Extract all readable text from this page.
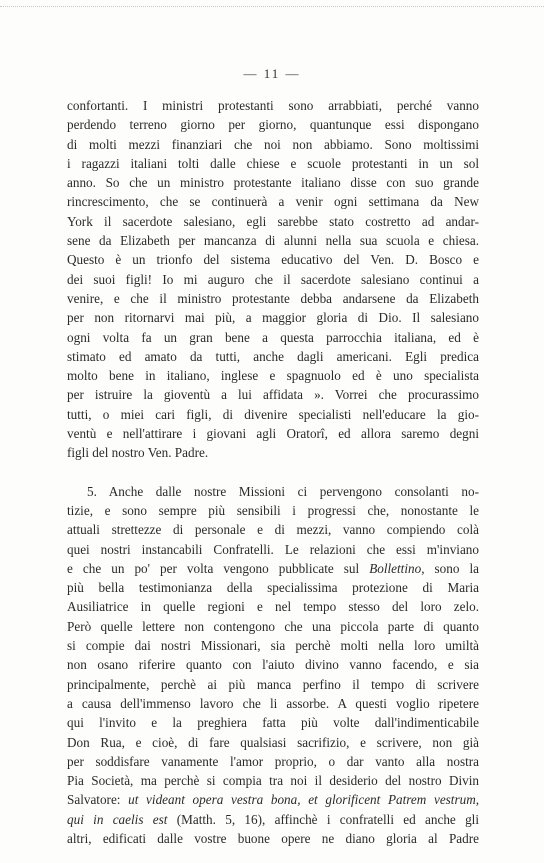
— 11 —
confortanti. I ministri protestanti sono arrabbiati, perché vanno
perdendo terreno giorno per giorno, quantunque essi dispongano
di molti mezzi finanziari che noi non abbiamo. Sono moltissimi
i ragazzi italiani tolti dalle chiese e scuole protestanti in un sol
anno. So che un ministro protestante italiano disse con suo grande
rincrescimento, che se continuerà a venir ogni settimana da New
York il sacerdote salesiano, egli sarebbe stato costretto ad andar-
sene da Elizabeth per mancanza di alunni nella sua scuola e chiesa.
Questo è un trionfo del sistema educativo del Ven. D. Bosco e
dei suoi figli! Io mi auguro che il sacerdote salesiano continui a
venire, e che il ministro protestante debba andarsene da Elizabeth
per non ritornarvi mai più, a maggior gloria di Dio. Il salesiano
ogni volta fa un gran bene a questa parrocchia italiana, ed è
stimato ed amato da tutti, anche dagli americani. Egli predica
molto bene in italiano, inglese e spagnuolo ed è uno specialista
per istruire la gioventù a lui affidata ». Vorrei che procurassimo
tutti, o miei cari figli, di divenire specialisti nell'educare la gio-
ventù e nell'attirare i giovani agli Oratorî, ed allora saremo degni
figli del nostro Ven. Padre.
5. Anche dalle nostre Missioni ci pervengono consolanti no-
tizie, e sono sempre più sensibili i progressi che, nonostante le
attuali strettezze di personale e di mezzi, vanno compiendo colà
quei nostri instancabili Confratelli. Le relazioni che essi m'inviano
e che un po' per volta vengono pubblicate sul Bollettino, sono la
più bella testimonianza della specialissima protezione di Maria
Ausiliatrice in quelle regioni e nel tempo stesso del loro zelo.
Però quelle lettere non contengono che una piccola parte di quanto
si compie dai nostri Missionari, sia perchè molti nella loro umiltà
non osano riferire quanto con l'aiuto divino vanno facendo, e sia
principalmente, perchè ai più manca perfino il tempo di scrivere
a causa dell'immenso lavoro che li assorbe. A questi voglio ripetere
qui l'invito e la preghiera fatta più volte dall'indimenticabile
Don Rua, e cioè, di fare qualsiasi sacrifizio, e scrivere, non già
per soddisfare vanamente l'amor proprio, o dar vanto alla nostra
Pia Società, ma perchè si compia tra noi il desiderio del nostro Divin
Salvatore: ut videant opera vestra bona, et glorificent Patrem vestrum,
qui in caelis est (Matth. 5, 16), affinchè i confratelli ed anche gli
altri, edificati dalle vostre buone opere ne diano gloria al Padre
